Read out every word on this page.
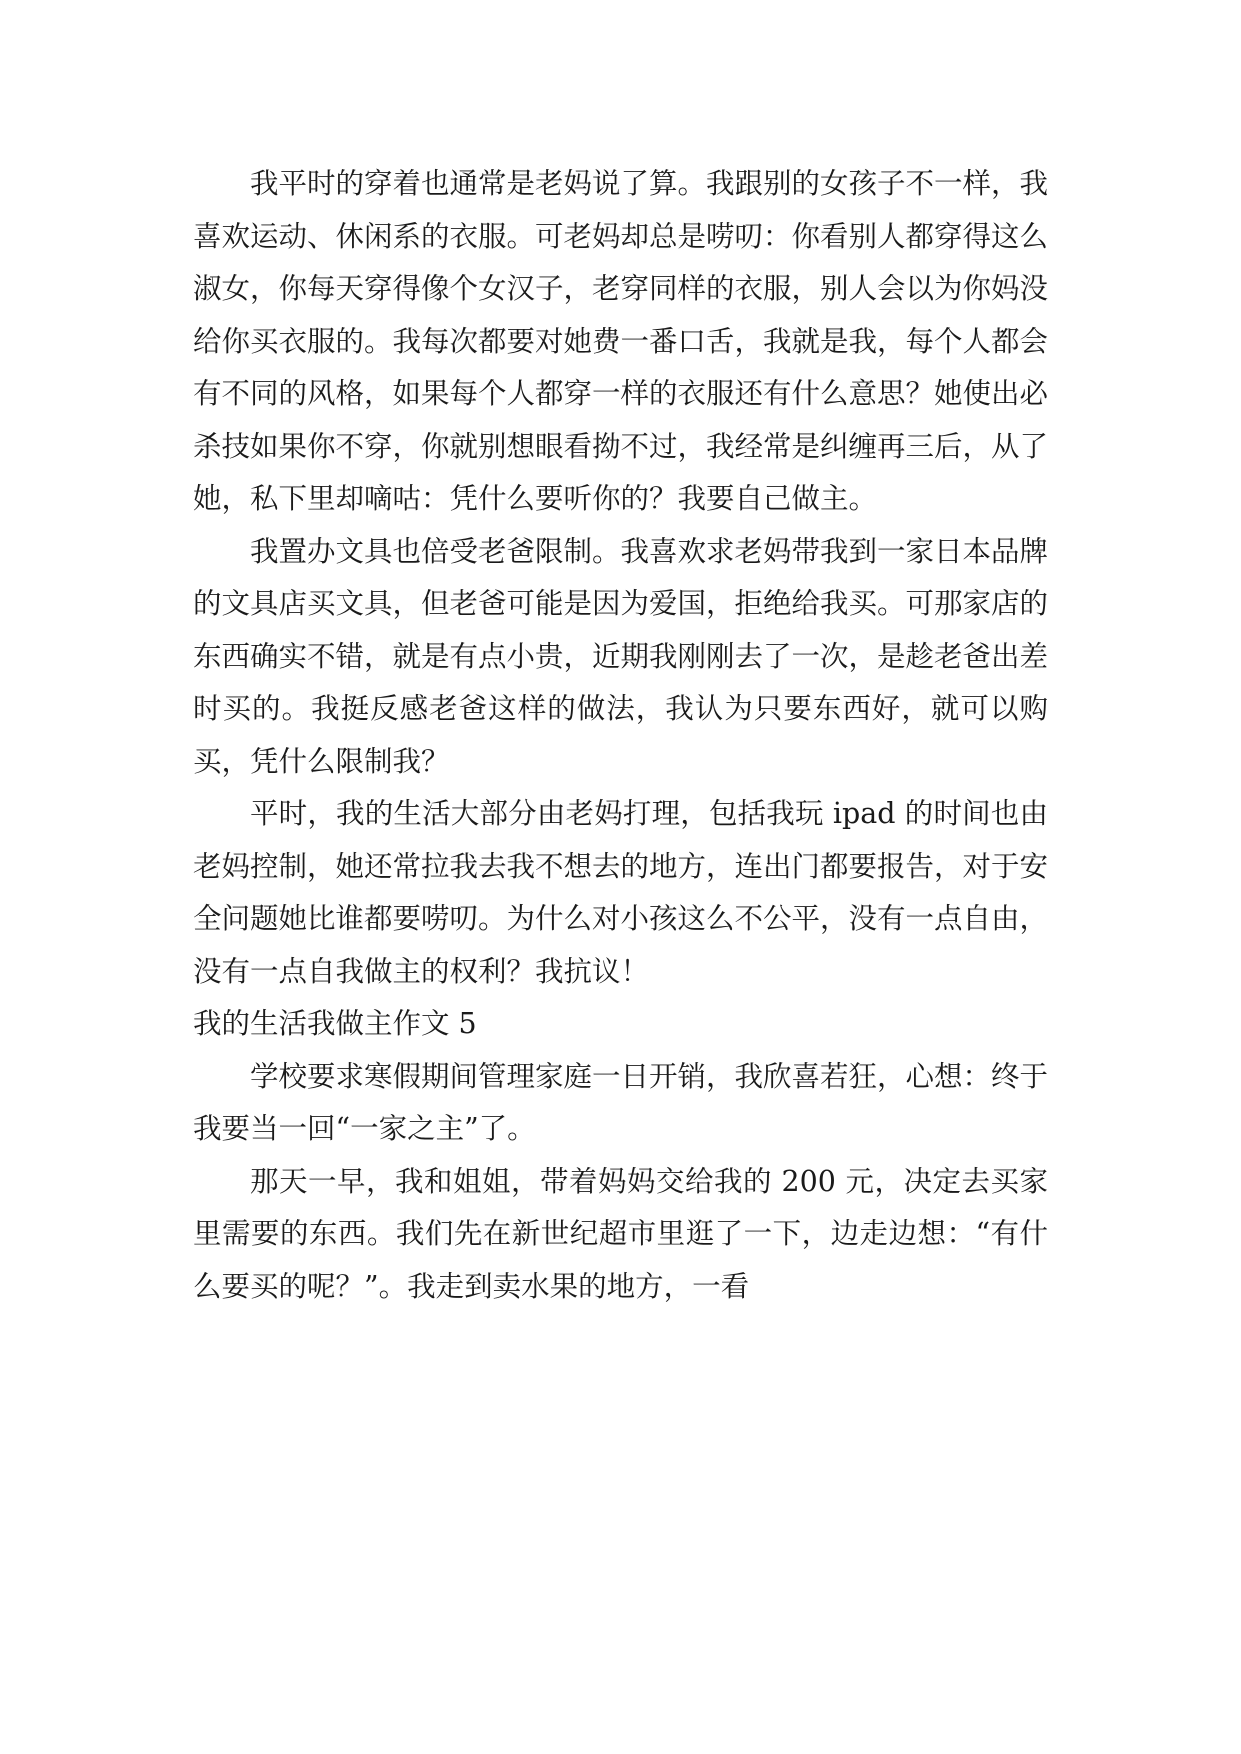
我平时的穿着也通常是老妈说了算。我跟别的女孩子不一样，我喜欢运动、休闲系的衣服。可老妈却总是唠叨：你看别人都穿得这么淑女，你每天穿得像个女汉子，老穿同样的衣服，别人会以为你妈没给你买衣服的。我每次都要对她费一番口舌，我就是我，每个人都会有不同的风格，如果每个人都穿一样的衣服还有什么意思？她使出必杀技如果你不穿，你就别想眼看拗不过，我经常是纠缠再三后，从了她，私下里却嘀咕：凭什么要听你的？我要自己做主。

我置办文具也倍受老爸限制。我喜欢求老妈带我到一家日本品牌的文具店买文具，但老爸可能是因为爱国，拒绝给我买。可那家店的东西确实不错，就是有点小贵，近期我刚刚去了一次，是趁老爸出差时买的。我挺反感老爸这样的做法，我认为只要东西好，就可以购买，凭什么限制我？

平时，我的生活大部分由老妈打理，包括我玩 ipad 的时间也由老妈控制，她还常拉我去我不想去的地方，连出门都要报告，对于安全问题她比谁都要唠叨。为什么对小孩这么不公平，没有一点自由，没有一点自我做主的权利？我抗议！

我的生活我做主作文 5

学校要求寒假期间管理家庭一日开销，我欣喜若狂，心想：终于我要当一回“一家之主”了。

那天一早，我和姐姐，带着妈妈交给我的 200 元，决定去买家里需要的东西。我们先在新世纪超市里逛了一下，边走边想：“有什么要买的呢？”。我走到卖水果的地方，一看
